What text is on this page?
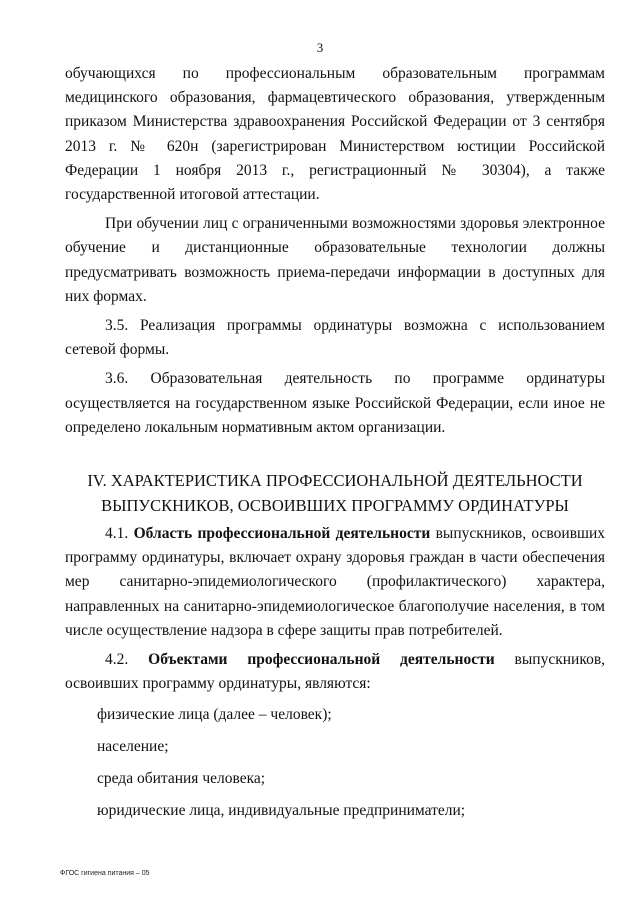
3

обучающихся по профессиональным образовательным программам медицинского образования, фармацевтического образования, утвержденным приказом Министерства здравоохранения Российской Федерации от 3 сентября 2013 г. № 620н (зарегистрирован Министерством юстиции Российской Федерации 1 ноября 2013 г., регистрационный № 30304), а также государственной итоговой аттестации.

При обучении лиц с ограниченными возможностями здоровья электронное обучение и дистанционные образовательные технологии должны предусматривать возможность приема-передачи информации в доступных для них формах.

3.5. Реализация программы ординатуры возможна с использованием сетевой формы.

3.6. Образовательная деятельность по программе ординатуры осуществляется на государственном языке Российской Федерации, если иное не определено локальным нормативным актом организации.

IV. ХАРАКТЕРИСТИКА ПРОФЕССИОНАЛЬНОЙ ДЕЯТЕЛЬНОСТИ

ВЫПУСКНИКОВ, ОСВОИВШИХ ПРОГРАММУ ОРДИНАТУРЫ

4.1. Область профессиональной деятельности выпускников, освоивших программу ординатуры, включает охрану здоровья граждан в части обеспечения мер санитарно-эпидемиологического (профилактического) характера, направленных на санитарно-эпидемиологическое благополучие населения, в том числе осуществление надзора в сфере защиты прав потребителей.

4.2. Объектами профессиональной деятельности выпускников, освоивших программу ординатуры, являются:

физические лица (далее – человек);

население;

среда обитания человека;

юридические лица, индивидуальные предприниматели;

ФГОС гигиена питания – 05
